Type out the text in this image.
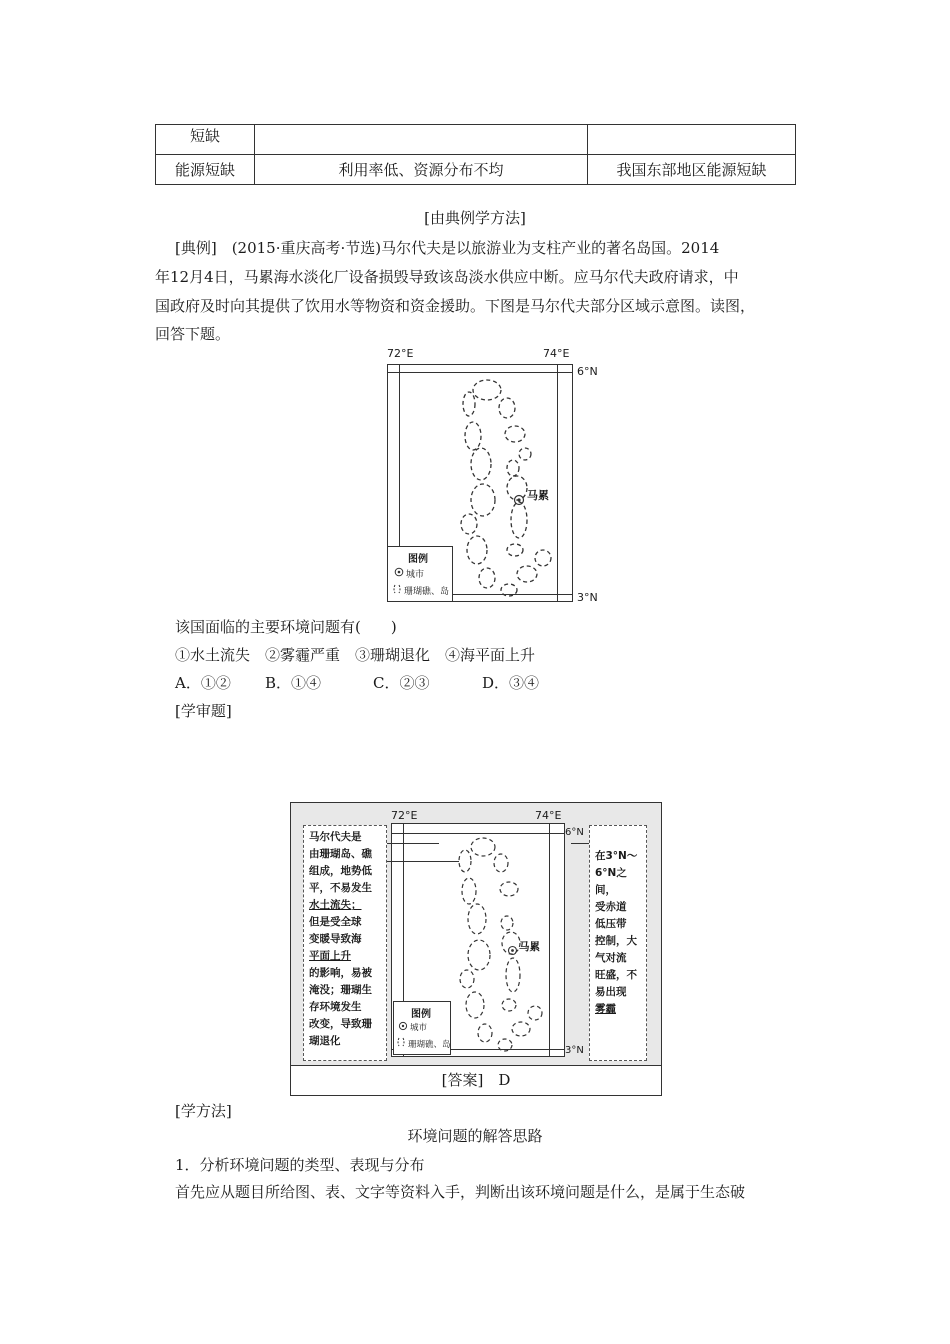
短缺		
能源短缺	利用率低、资源分布不均	我国东部地区能源短缺
[由典例学方法]
[典例]　(2015·重庆高考·节选)马尔代夫是以旅游业为支柱产业的著名岛国。2014
年12月4日，马累海水淡化厂设备损毁导致该岛淡水供应中断。应马尔代夫政府请求，中
国政府及时向其提供了饮用水等物资和资金援助。下图是马尔代夫部分区域示意图。读图，
回答下题。
72°E	74°E
6°N
3°N
马累
图例
城市
珊瑚礁、岛
该国面临的主要环境问题有(　　)
①水土流失　②雾霾严重　③珊瑚退化　④海平面上升
A．①② B．①④	C．②③	D．③④
[学审题]
马尔代夫是
由珊瑚岛、礁
组成，地势低
平，不易发生
水土流失；
但是受全球
变暖导致海
平面上升
的影响，易被
淹没；珊瑚生
存环境发生
改变，导致珊
瑚退化
在3°N～
6°N之间，
受赤道
低压带
控制，大
气对流
旺盛，不
易出现
雾霾
72°E	74°E
6°N
3°N
马累
图例
城市
珊瑚礁、岛
[答案]　D
[学方法]
环境问题的解答思路
1．分析环境问题的类型、表现与分布
首先应从题目所给图、表、文字等资料入手，判断出该环境问题是什么，是属于生态破
